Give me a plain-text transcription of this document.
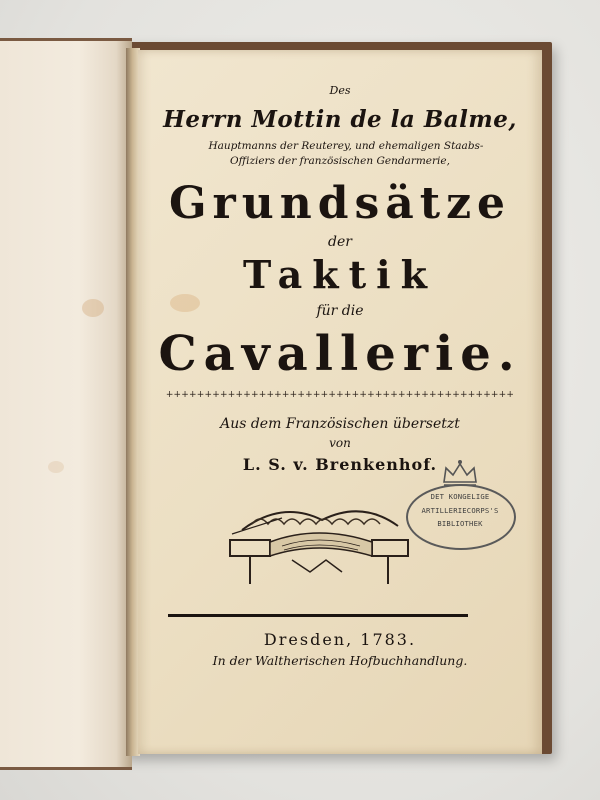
Des
Herrn Mottin de la Balme,
Hauptmanns der Reuterey, und ehemaligen Staabs-
Offiziers der französischen Gendarmerie,
Grundsätze
der
Taktik
für die
Cavallerie.
+++++++++++++++++++++++++++++++++++++++++++++
Aus dem Französischen übersetzt
von
L. S. v. Brenkenhof.
DET KONGELIGE
ARTILLERIECORPS'S
BIBLIOTHEK
Dresden, 1783.
In der Waltherischen Hofbuchhandlung.
